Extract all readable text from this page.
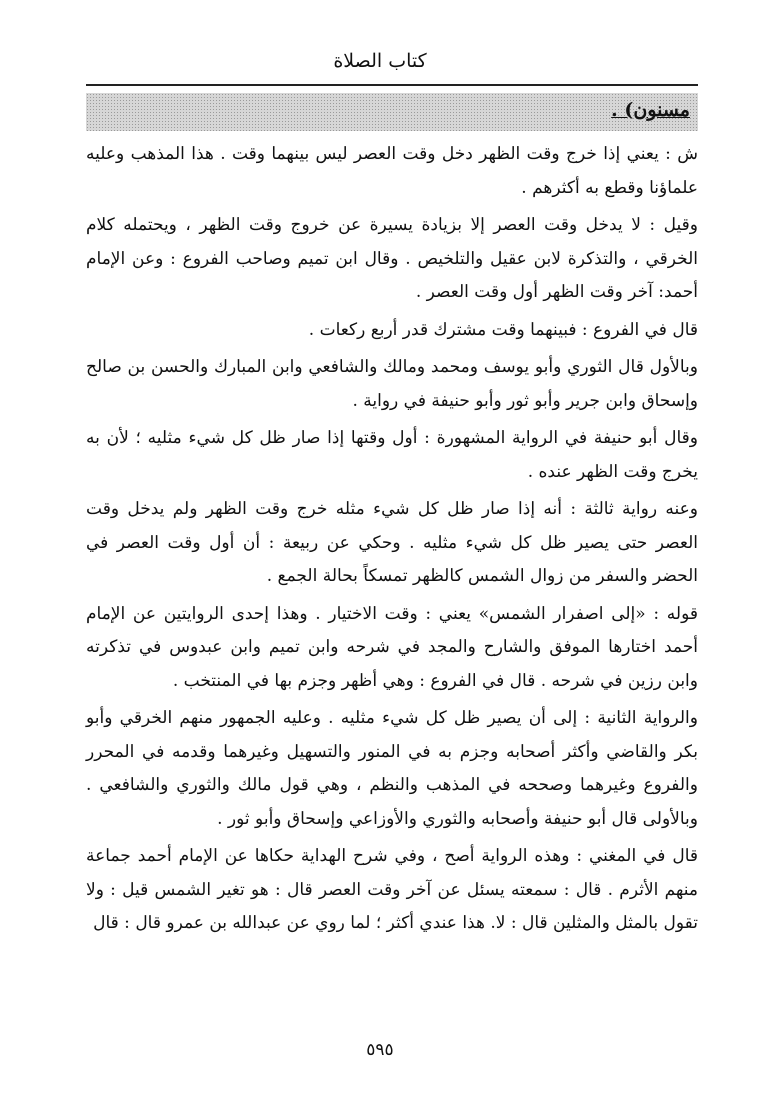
كتاب الصلاة
مسنون) .

ش : يعني إذا خرج وقت الظهر دخل وقت العصر ليس بينهما وقت . هذا المذهب وعليه علماؤنا وقطع به أكثرهم .

وقيل : لا يدخل وقت العصر إلا بزيادة يسيرة عن خروج وقت الظهر ، ويحتمله كلام الخرقي ، والتذكرة لابن عقيل والتلخيص . وقال ابن تميم وصاحب الفروع : وعن الإمام أحمد: آخر وقت الظهر أول وقت العصر .

قال في الفروع : فبينهما وقت مشترك قدر أربع ركعات .

وبالأول قال الثوري وأبو يوسف ومحمد ومالك والشافعي وابن المبارك والحسن بن صالح وإسحاق وابن جرير وأبو ثور وأبو حنيفة في رواية .

وقال أبو حنيفة في الرواية المشهورة : أول وقتها إذا صار ظل كل شيء مثليه ؛ لأن به يخرج وقت الظهر عنده .

وعنه رواية ثالثة : أنه إذا صار ظل كل شيء مثله خرج وقت الظهر ولم يدخل وقت العصر حتى يصير ظل كل شيء مثليه . وحكي عن ربيعة : أن أول وقت العصر في الحضر والسفر من زوال الشمس كالظهر تمسكاً بحالة الجمع .

قوله : «إلى اصفرار الشمس» يعني : وقت الاختيار . وهذا إحدى الروايتين عن الإمام أحمد اختارها الموفق والشارح والمجد في شرحه وابن تميم وابن عبدوس في تذكرته وابن رزين في شرحه . قال في الفروع : وهي أظهر وجزم بها في المنتخب .

والرواية الثانية : إلى أن يصير ظل كل شيء مثليه . وعليه الجمهور منهم الخرقي وأبو بكر والقاضي وأكثر أصحابه وجزم به في المنور والتسهيل وغيرهما وقدمه في المحرر والفروع وغيرهما وصححه في المذهب والنظم ، وهي قول مالك والثوري والشافعي . وبالأولى قال أبو حنيفة وأصحابه والثوري والأوزاعي وإسحاق وأبو ثور .

قال في المغني : وهذه الرواية أصح ، وفي شرح الهداية حكاها عن الإمام أحمد جماعة منهم الأثرم . قال : سمعته يسئل عن آخر وقت العصر قال : هو تغير الشمس قيل : ولا تقول بالمثل والمثلين قال : لا. هذا عندي أكثر ؛ لما روي عن عبدالله بن عمرو قال : قال

٥٩٥
